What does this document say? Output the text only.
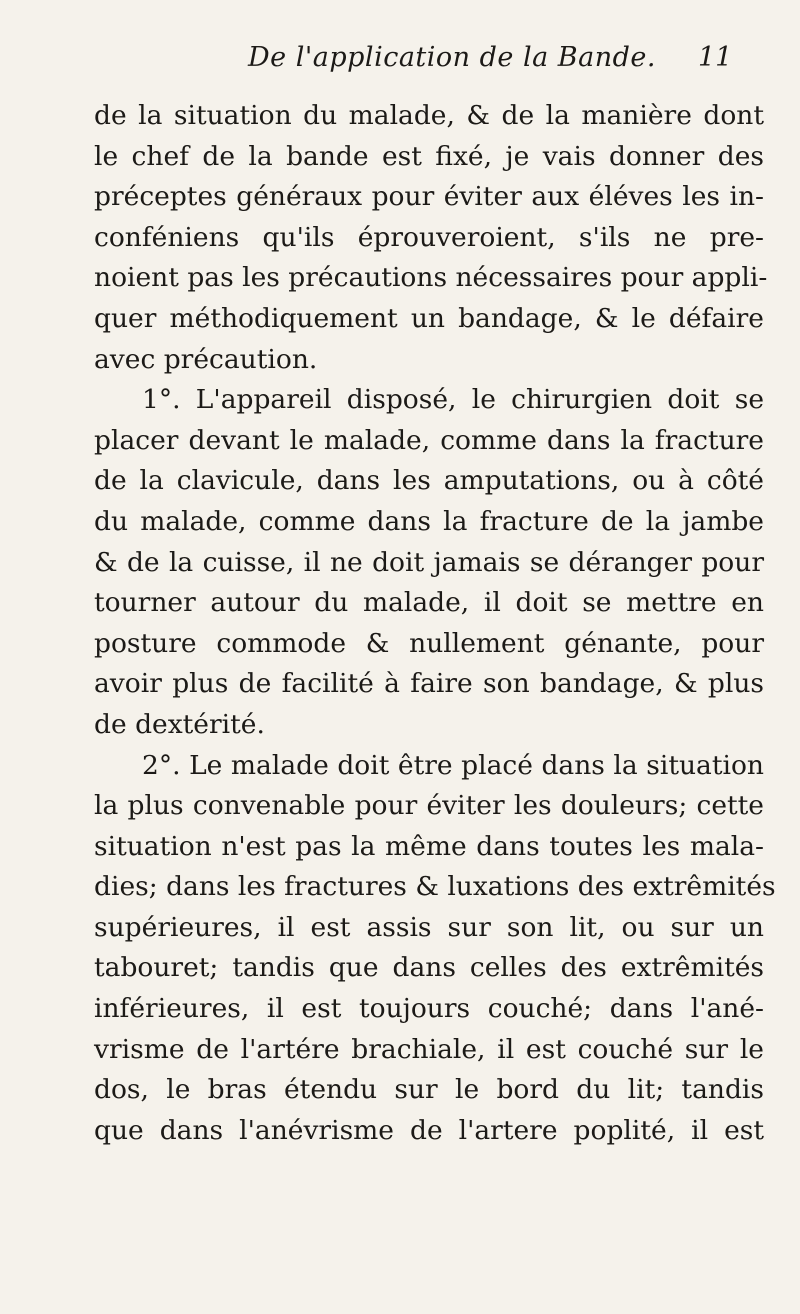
De l'application de la Bande. 11
de la situation du malade, & de la manière dont
le chef de la bande est fixé, je vais donner des
préceptes généraux pour éviter aux éléves les in-
conféniens qu'ils éprouveroient, s'ils ne pre-
noient pas les précautions nécessaires pour appli-
quer méthodiquement un bandage, & le défaire
avec précaution.
1°. L'appareil disposé, le chirurgien doit se
placer devant le malade, comme dans la fracture
de la clavicule, dans les amputations, ou à côté
du malade, comme dans la fracture de la jambe
& de la cuisse, il ne doit jamais se déranger pour
tourner autour du malade, il doit se mettre en
posture commode & nullement génante, pour
avoir plus de facilité à faire son bandage, & plus
de dextérité.
2°. Le malade doit être placé dans la situation
la plus convenable pour éviter les douleurs; cette
situation n'est pas la même dans toutes les mala-
dies; dans les fractures & luxations des extrêmités
supérieures, il est assis sur son lit, ou sur un
tabouret; tandis que dans celles des extrêmités
inférieures, il est toujours couché; dans l'ané-
vrisme de l'artére brachiale, il est couché sur le
dos, le bras étendu sur le bord du lit; tandis
que dans l'anévrisme de l'artere poplité, il est
